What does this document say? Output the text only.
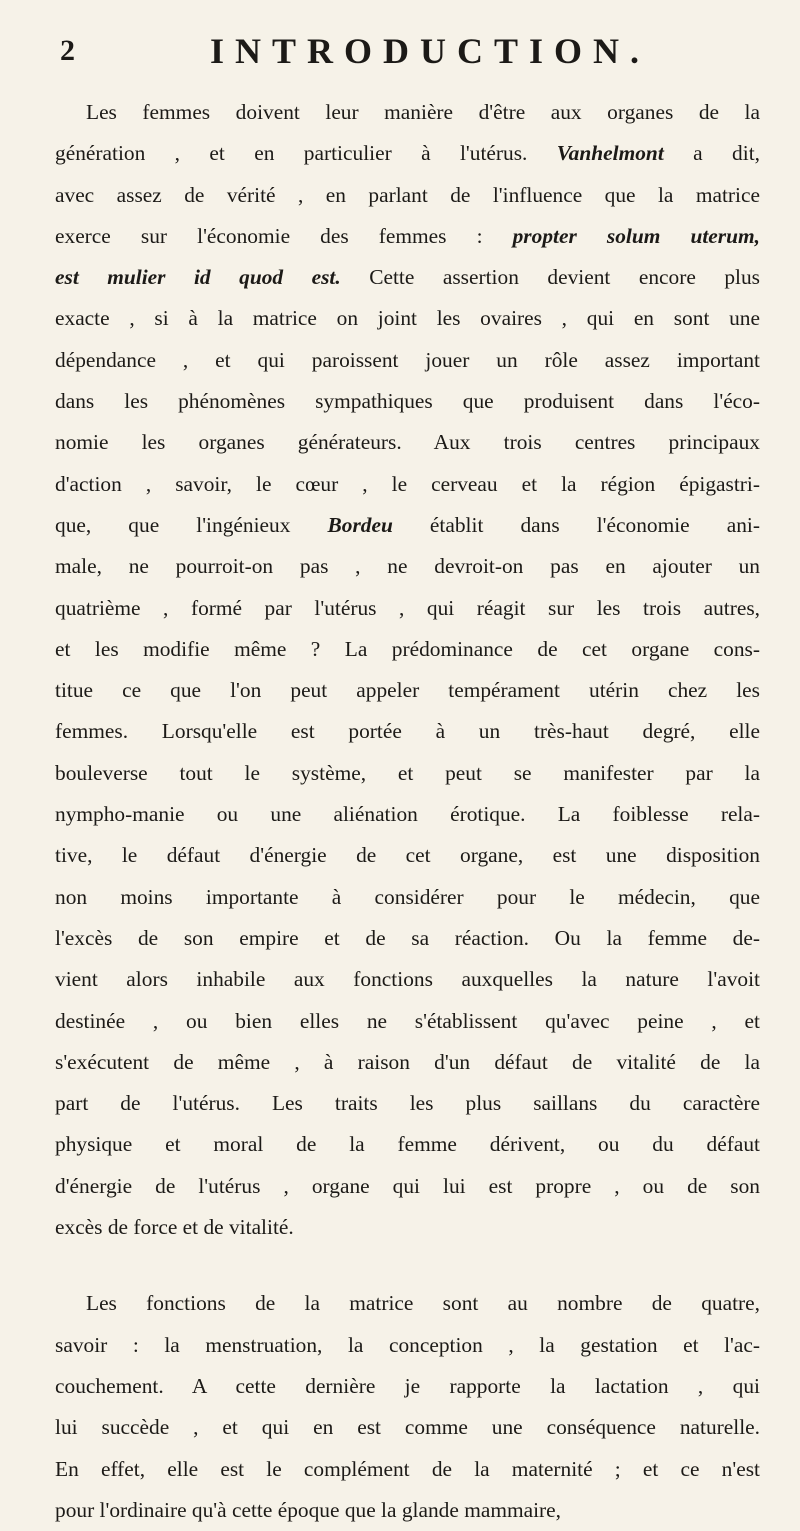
2	INTRODUCTION.
Les femmes doivent leur manière d'être aux organes de la
génération , et en particulier à l'utérus. Vanhelmont a dit,
avec assez de vérité , en parlant de l'influence que la matrice
exerce sur l'économie des femmes : propter solum uterum,
est mulier id quod est. Cette assertion devient encore plus
exacte , si à la matrice on joint les ovaires , qui en sont une
dépendance , et qui paroissent jouer un rôle assez important
dans les phénomènes sympathiques que produisent dans l'éco-
nomie les organes générateurs. Aux trois centres principaux
d'action , savoir, le cœur , le cerveau et la région épigastri-
que, que l'ingénieux Bordeu établit dans l'économie ani-
male, ne pourroit-on pas , ne devroit-on pas en ajouter un
quatrième , formé par l'utérus , qui réagit sur les trois autres,
et les modifie même ? La prédominance de cet organe cons-
titue ce que l'on peut appeler tempérament utérin chez les
femmes. Lorsqu'elle est portée à un très-haut degré, elle
bouleverse tout le système, et peut se manifester par la
nympho-manie ou une aliénation érotique. La foiblesse rela-
tive, le défaut d'énergie de cet organe, est une disposition
non moins importante à considérer pour le médecin, que
l'excès de son empire et de sa réaction. Ou la femme de-
vient alors inhabile aux fonctions auxquelles la nature l'avoit
destinée , ou bien elles ne s'établissent qu'avec peine , et
s'exécutent de même , à raison d'un défaut de vitalité de la
part de l'utérus. Les traits les plus saillans du caractère
physique et moral de la femme dérivent, ou du défaut
d'énergie de l'utérus , organe qui lui est propre , ou de son
excès de force et de vitalité.
Les fonctions de la matrice sont au nombre de quatre,
savoir : la menstruation, la conception , la gestation et l'ac-
couchement. A cette dernière je rapporte la lactation , qui
lui succède , et qui en est comme une conséquence naturelle.
En effet, elle est le complément de la maternité ; et ce n'est
pour l'ordinaire qu'à cette époque que la glande mammaire,
